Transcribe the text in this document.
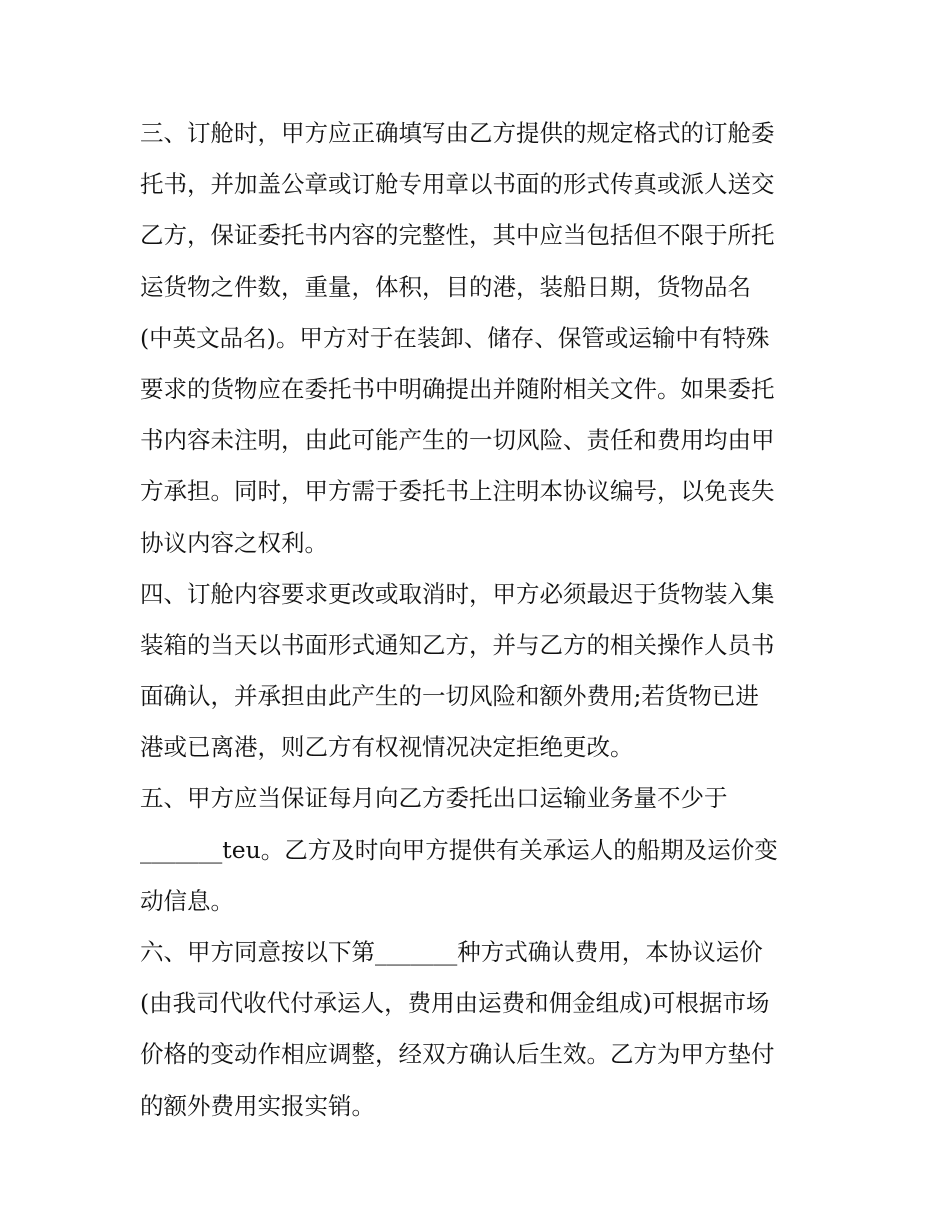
三、订舱时，甲方应正确填写由乙方提供的规定格式的订舱委
托书，并加盖公章或订舱专用章以书面的形式传真或派人送交
乙方，保证委托书内容的完整性，其中应当包括但不限于所托
运货物之件数，重量，体积，目的港，装船日期，货物品名
(中英文品名)。甲方对于在装卸、储存、保管或运输中有特殊
要求的货物应在委托书中明确提出并随附相关文件。如果委托
书内容未注明，由此可能产生的一切风险、责任和费用均由甲
方承担。同时，甲方需于委托书上注明本协议编号，以免丧失
协议内容之权利。
四、订舱内容要求更改或取消时，甲方必须最迟于货物装入集
装箱的当天以书面形式通知乙方，并与乙方的相关操作人员书
面确认，并承担由此产生的一切风险和额外费用;若货物已进
港或已离港，则乙方有权视情况决定拒绝更改。
五、甲方应当保证每月向乙方委托出口运输业务量不少于
_______teu。乙方及时向甲方提供有关承运人的船期及运价变
动信息。
六、甲方同意按以下第_______种方式确认费用，本协议运价
(由我司代收代付承运人，费用由运费和佣金组成)可根据市场
价格的变动作相应调整，经双方确认后生效。乙方为甲方垫付
的额外费用实报实销。
